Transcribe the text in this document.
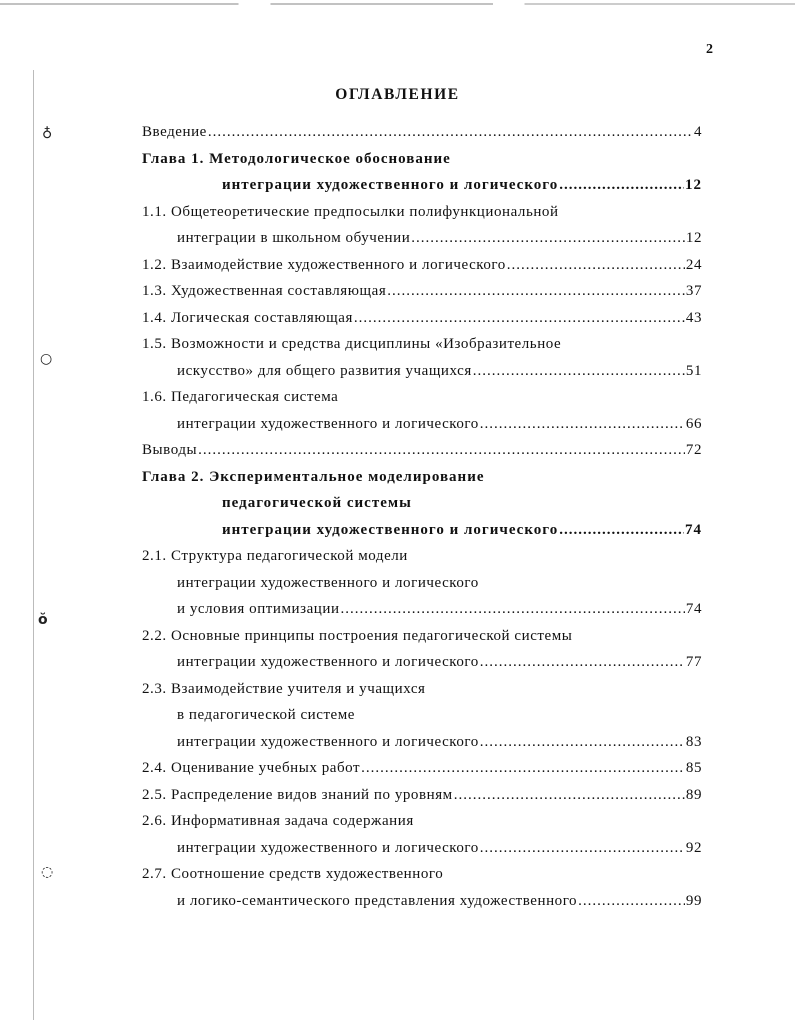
♁
○
ŏ
◌
2
ОГЛАВЛЕНИЕ
Введение .....	4
Глава 1. Методологическое обоснование
интеграции художественного и логического .....	12
1.1. Общетеоретические предпосылки полифункциональной
интеграции в школьном обучении .....	12
1.2. Взаимодействие художественного и логического .....	24
1.3. Художественная составляющая .....	37
1.4. Логическая составляющая .....	43
1.5. Возможности и средства дисциплины «Изобразительное
искусство» для общего развития учащихся .....	51
1.6. Педагогическая система
интеграции художественного и логического .....	66
Выводы .....	72
Глава 2. Экспериментальное моделирование
педагогической системы
интеграции художественного и логического .....	74
2.1. Структура педагогической модели
интеграции художественного и логического
и условия оптимизации .....	74
2.2. Основные принципы построения педагогической системы
интеграции художественного и логического .....	77
2.3. Взаимодействие учителя и учащихся
в педагогической системе
интеграции художественного и логического .....	83
2.4. Оценивание учебных работ .....	85
2.5. Распределение видов знаний по уровням .....	89
2.6. Информативная задача содержания
интеграции художественного и логического .....	92
2.7. Соотношение средств художественного
и логико-семантического представления художественного .....	99
